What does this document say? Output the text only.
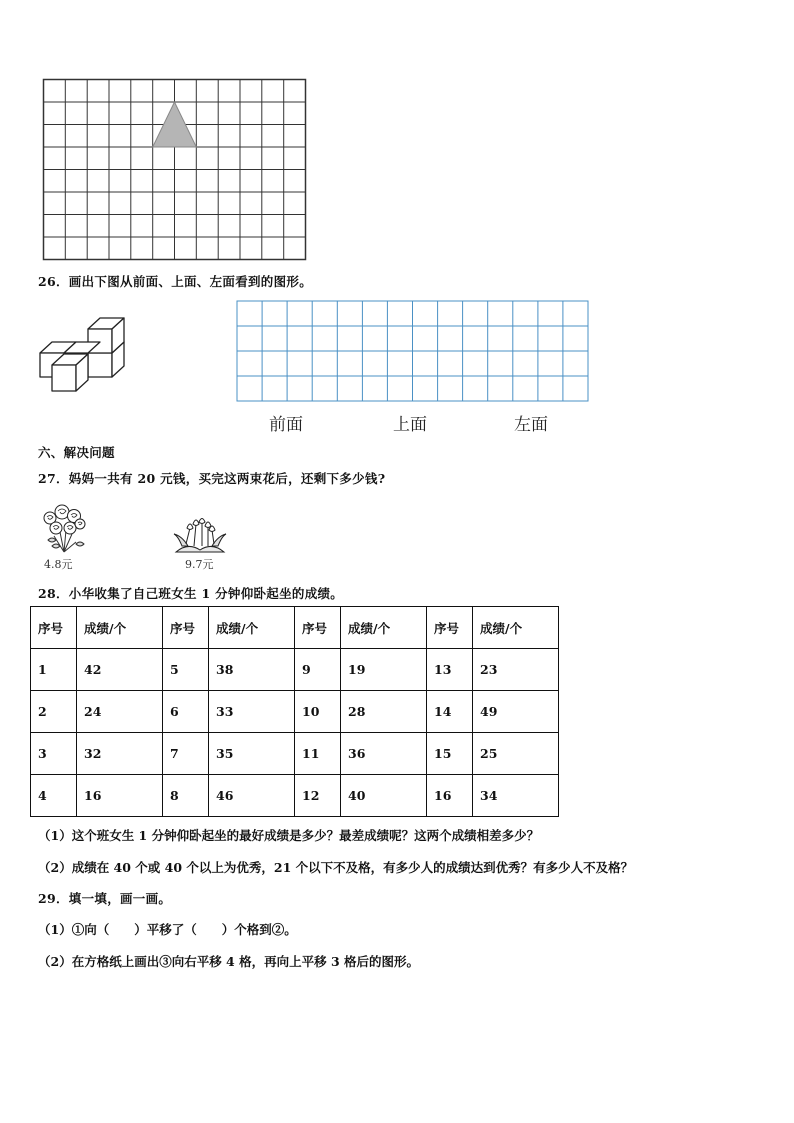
26．画出下图从前面、上面、左面看到的图形。
前面	上面	左面
六、解决问题
27．妈妈一共有 20 元钱，买完这两束花后，还剩下多少钱?
4.8元	9.7元
28．小华收集了自己班女生 1 分钟仰卧起坐的成绩。
序号	成绩/个	序号	成绩/个	序号	成绩/个	序号	成绩/个
1	42	5	38	9	19	13	23
2	24	6	33	10	28	14	49
3	32	7	35	11	36	15	25
4	16	8	46	12	40	16	34
（1）这个班女生 1 分钟仰卧起坐的最好成绩是多少？最差成绩呢？这两个成绩相差多少？
（2）成绩在 40 个或 40 个以上为优秀，21 个以下不及格，有多少人的成绩达到优秀？有多少人不及格？
29．填一填，画一画。
（1）①向（　　）平移了（　　）个格到②。
（2）在方格纸上画出③向右平移 4 格，再向上平移 3 格后的图形。
